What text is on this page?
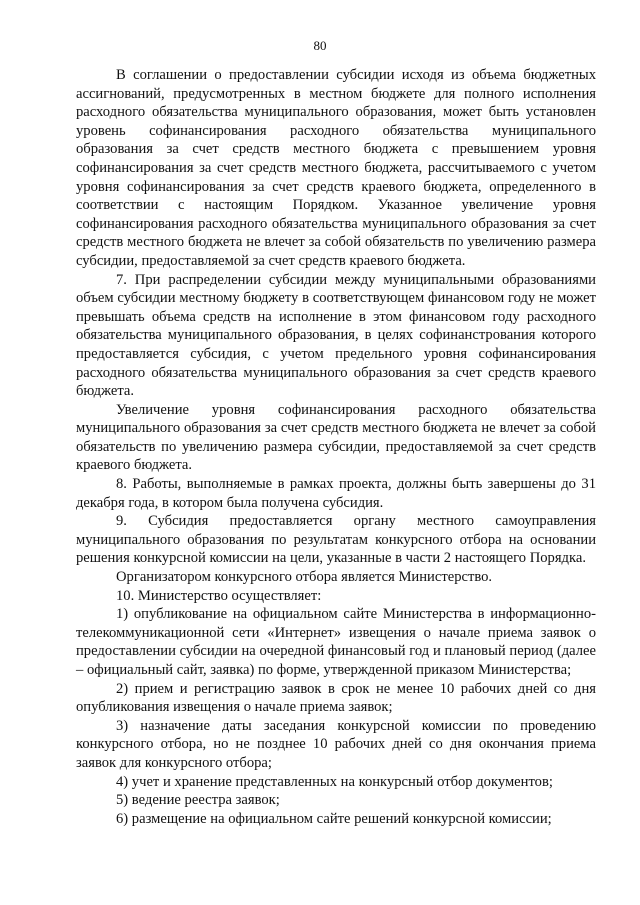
80

В соглашении о предоставлении субсидии исходя из объема бюджетных ассигнований, предусмотренных в местном бюджете для полного исполнения расходного обязательства муниципального образования, может быть установлен уровень софинансирования расходного обязательства муниципального образования за счет средств местного бюджета с превышением уровня софинансирования за счет средств местного бюджета, рассчитываемого с учетом уровня софинансирования за счет средств краевого бюджета, определенного в соответствии с настоящим Порядком. Указанное увеличение уровня софинансирования расходного обязательства муниципального образования за счет средств местного бюджета не влечет за собой обязательств по увеличению размера субсидии, предоставляемой за счет средств краевого бюджета.

7. При распределении субсидии между муниципальными образованиями объем субсидии местному бюджету в соответствующем финансовом году не может превышать объема средств на исполнение в этом финансовом году расходного обязательства муниципального образования, в целях софинанстрования которого предоставляется субсидия, с учетом предельного уровня софинансирования расходного обязательства муниципального образования за счет средств краевого бюджета.

Увеличение уровня софинансирования расходного обязательства муниципального образования за счет средств местного бюджета не влечет за собой обязательств по увеличению размера субсидии, предоставляемой за счет средств краевого бюджета.

8. Работы, выполняемые в рамках проекта, должны быть завершены до 31 декабря года, в котором была получена субсидия.

9. Субсидия предоставляется органу местного самоуправления муниципального образования по результатам конкурсного отбора на основании решения конкурсной комиссии на цели, указанные в части 2 настоящего Порядка.

Организатором конкурсного отбора является Министерство.

10. Министерство осуществляет:

1) опубликование на официальном сайте Министерства в информационно-телекоммуникационной сети «Интернет» извещения о начале приема заявок о предоставлении субсидии на очередной финансовый год и плановый период (далее – официальный сайт, заявка) по форме, утвержденной приказом Министерства;

2) прием и регистрацию заявок в срок не менее 10 рабочих дней со дня опубликования извещения о начале приема заявок;

3) назначение даты заседания конкурсной комиссии по проведению конкурсного отбора, но не позднее 10 рабочих дней со дня окончания приема заявок для конкурсного отбора;

4) учет и хранение представленных на конкурсный отбор документов;

5) ведение реестра заявок;

6) размещение на официальном сайте решений конкурсной комиссии;
